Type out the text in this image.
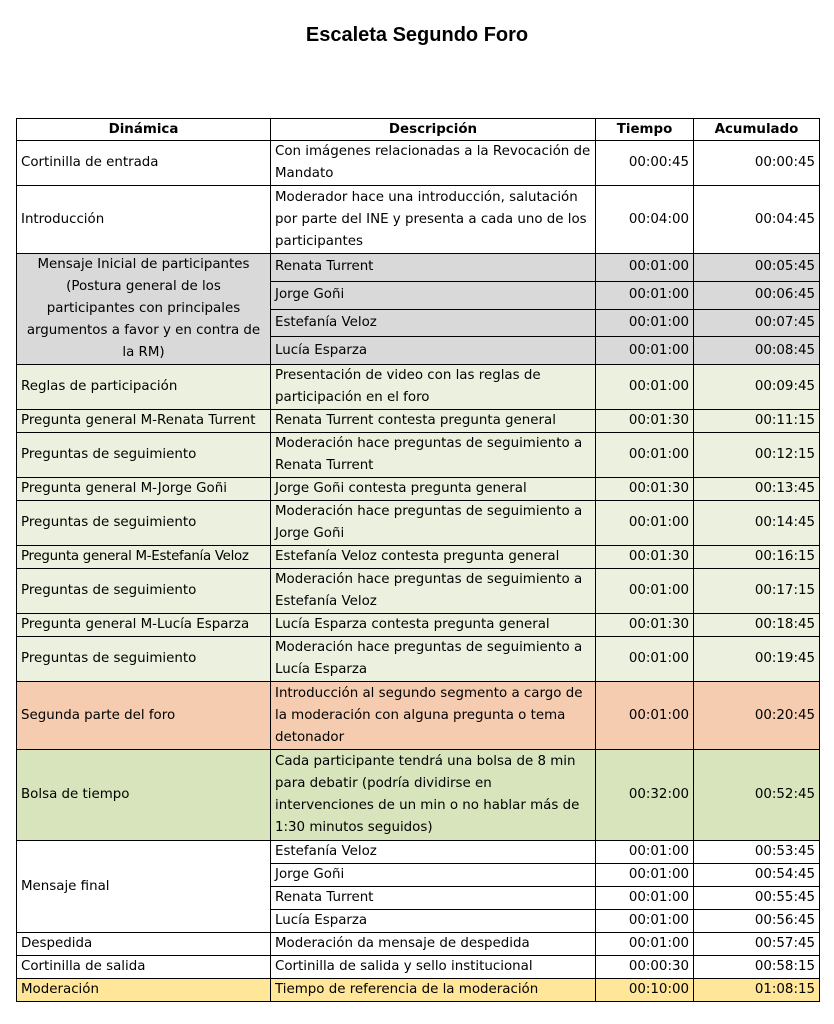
Escaleta Segundo Foro
Dinámica	Descripción	Tiempo	Acumulado
Cortinilla de entrada	Con imágenes relacionadas a la Revocación de Mandato	00:00:45	00:00:45
Introducción	Moderador hace una introducción, salutación por parte del INE y presenta a cada uno de los participantes	00:04:00	00:04:45
Mensaje Inicial de participantes (Postura general de los participantes con principales argumentos a favor y en contra de la RM)	Renata Turrent	00:01:00	00:05:45
	Jorge Goñi	00:01:00	00:06:45
	Estefanía Veloz	00:01:00	00:07:45
	Lucía Esparza	00:01:00	00:08:45
Reglas de participación	Presentación de video con las reglas de participación en el foro	00:01:00	00:09:45
Pregunta general M-Renata Turrent	Renata Turrent contesta pregunta general	00:01:30	00:11:15
Preguntas de seguimiento	Moderación hace preguntas de seguimiento a Renata Turrent	00:01:00	00:12:15
Pregunta general M-Jorge Goñi	Jorge Goñi contesta pregunta general	00:01:30	00:13:45
Preguntas de seguimiento	Moderación hace preguntas de seguimiento a Jorge Goñi	00:01:00	00:14:45
Pregunta general M-Estefanía Veloz	Estefanía Veloz contesta pregunta general	00:01:30	00:16:15
Preguntas de seguimiento	Moderación hace preguntas de seguimiento a Estefanía Veloz	00:01:00	00:17:15
Pregunta general M-Lucía Esparza	Lucía Esparza contesta pregunta general	00:01:30	00:18:45
Preguntas de seguimiento	Moderación hace preguntas de seguimiento a Lucía Esparza	00:01:00	00:19:45
Segunda parte del foro	Introducción al segundo segmento a cargo de la moderación con alguna pregunta o tema detonador	00:01:00	00:20:45
Bolsa de tiempo	Cada participante tendrá una bolsa de 8 min para debatir (podría dividirse en intervenciones de un min o no hablar más de 1:30 minutos seguidos)	00:32:00	00:52:45
Mensaje final	Estefanía Veloz	00:01:00	00:53:45
	Jorge Goñi	00:01:00	00:54:45
	Renata Turrent	00:01:00	00:55:45
	Lucía Esparza	00:01:00	00:56:45
Despedida	Moderación da mensaje de despedida	00:01:00	00:57:45
Cortinilla de salida	Cortinilla de salida y sello institucional	00:00:30	00:58:15
Moderación	Tiempo de referencia de la moderación	00:10:00	01:08:15
